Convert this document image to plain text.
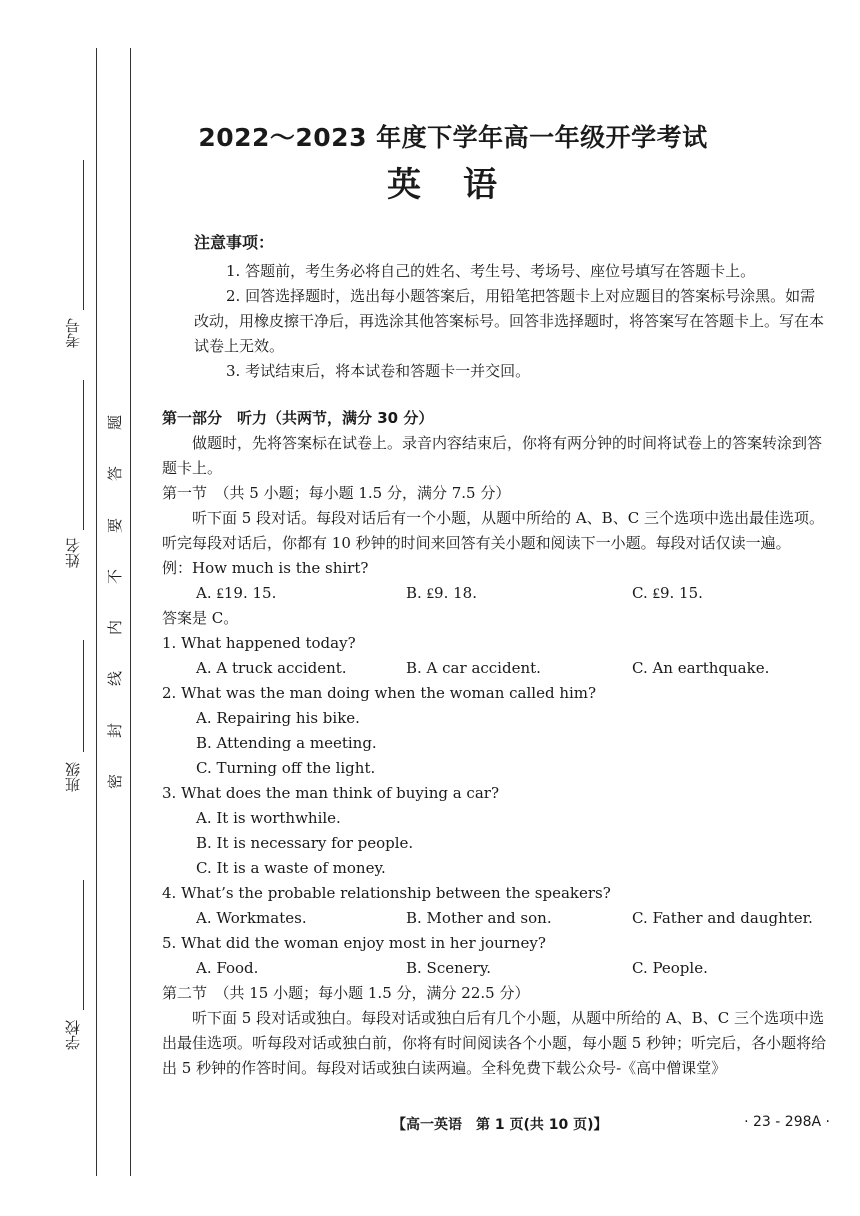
考号
姓名
班级
学校
题
答
要
不
内
线
封
密
2022～2023 年度下学年高一年级开学考试
英语
注意事项：

1. 答题前，考生务必将自己的姓名、考生号、考场号、座位号填写在答题卡上。

2. 回答选择题时，选出每小题答案后，用铅笔把答题卡上对应题目的答案标号涂黑。如需改动，用橡皮擦干净后，再选涂其他答案标号。回答非选择题时，将答案写在答题卡上。写在本试卷上无效。

3. 考试结束后，将本试卷和答题卡一并交回。

第一部分　听力（共两节，满分 30 分）

做题时，先将答案标在试卷上。录音内容结束后，你将有两分钟的时间将试卷上的答案转涂到答题卡上。

第一节　（共 5 小题；每小题 1.5 分，满分 7.5 分）

听下面 5 段对话。每段对话后有一个小题，从题中所给的 A、B、C 三个选项中选出最佳选项。听完每段对话后，你都有 10 秒钟的时间来回答有关小题和阅读下一小题。每段对话仅读一遍。

例：How much is the shirt?
A. ₤19. 15.	B. ₤9. 18.	C. ₤9. 15.
答案是 C。
1. What happened today?
A. A truck accident.	B. A car accident.	C. An earthquake.
2. What was the man doing when the woman called him?
A. Repairing his bike.
B. Attending a meeting.
C. Turning off the light.
3. What does the man think of buying a car?
A. It is worthwhile.
B. It is necessary for people.
C. It is a waste of money.
4. What’s the probable relationship between the speakers?
A. Workmates.	B. Mother and son.	C. Father and daughter.
5. What did the woman enjoy most in her journey?
A. Food.	B. Scenery.	C. People.
第二节　（共 15 小题；每小题 1.5 分，满分 22.5 分）

听下面 5 段对话或独白。每段对话或独白后有几个小题，从题中所给的 A、B、C 三个选项中选出最佳选项。听每段对话或独白前，你将有时间阅读各个小题，每小题 5 秒钟；听完后，各小题将给出 5 秒钟的作答时间。每段对话或独白读两遍。全科免费下载公众号-《高中僧课堂》

【高一英语　第 1 页(共 10 页)】	· 23 - 298A ·
